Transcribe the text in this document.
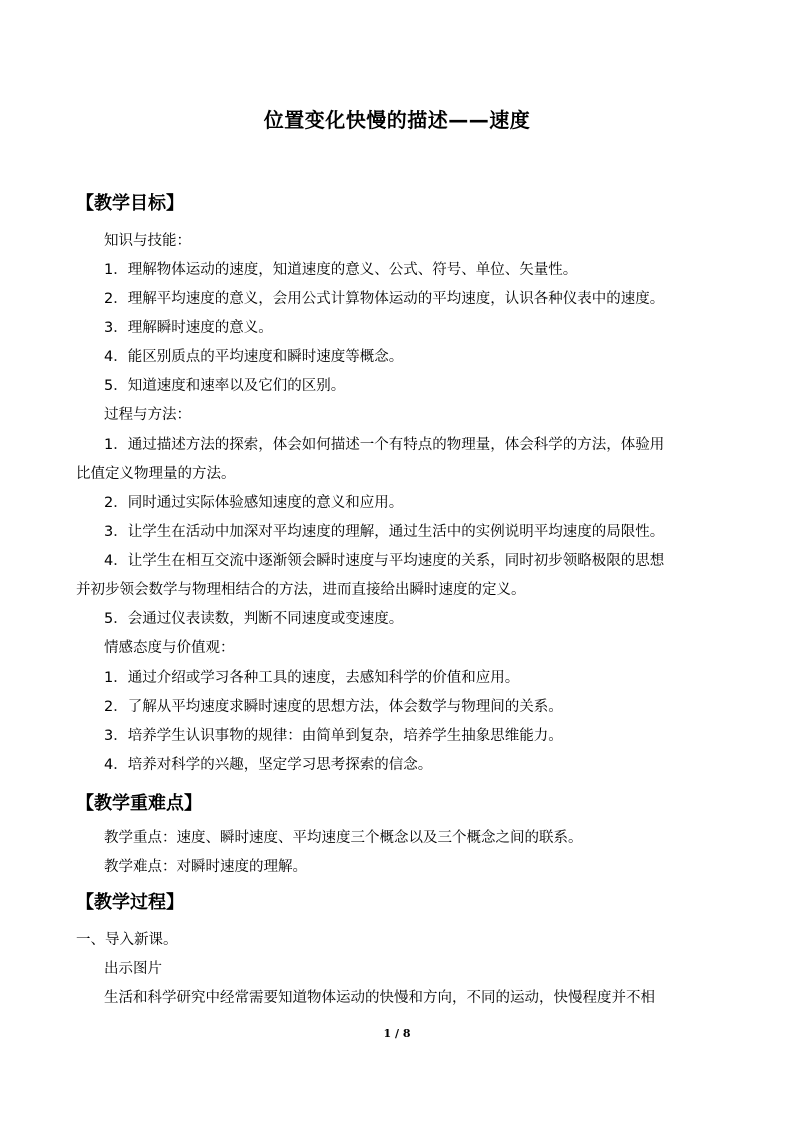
位置变化快慢的描述——速度
【教学目标】
知识与技能：
1．理解物体运动的速度，知道速度的意义、公式、符号、单位、矢量性。
2．理解平均速度的意义，会用公式计算物体运动的平均速度，认识各种仪表中的速度。
3．理解瞬时速度的意义。
4．能区别质点的平均速度和瞬时速度等概念。
5．知道速度和速率以及它们的区别。
过程与方法：
1．通过描述方法的探索，体会如何描述一个有特点的物理量，体会科学的方法，体验用
比值定义物理量的方法。
2．同时通过实际体验感知速度的意义和应用。
3．让学生在活动中加深对平均速度的理解，通过生活中的实例说明平均速度的局限性。
4．让学生在相互交流中逐渐领会瞬时速度与平均速度的关系，同时初步领略极限的思想
并初步领会数学与物理相结合的方法，进而直接给出瞬时速度的定义。
5．会通过仪表读数，判断不同速度或变速度。
情感态度与价值观：
1．通过介绍或学习各种工具的速度，去感知科学的价值和应用。
2．了解从平均速度求瞬时速度的思想方法，体会数学与物理间的关系。
3．培养学生认识事物的规律：由简单到复杂，培养学生抽象思维能力。
4．培养对科学的兴趣，坚定学习思考探索的信念。
【教学重难点】
教学重点：速度、瞬时速度、平均速度三个概念以及三个概念之间的联系。
教学难点：对瞬时速度的理解。
【教学过程】
一、导入新课。
出示图片
生活和科学研究中经常需要知道物体运动的快慢和方向，不同的运动，快慢程度并不相
1 / 8
